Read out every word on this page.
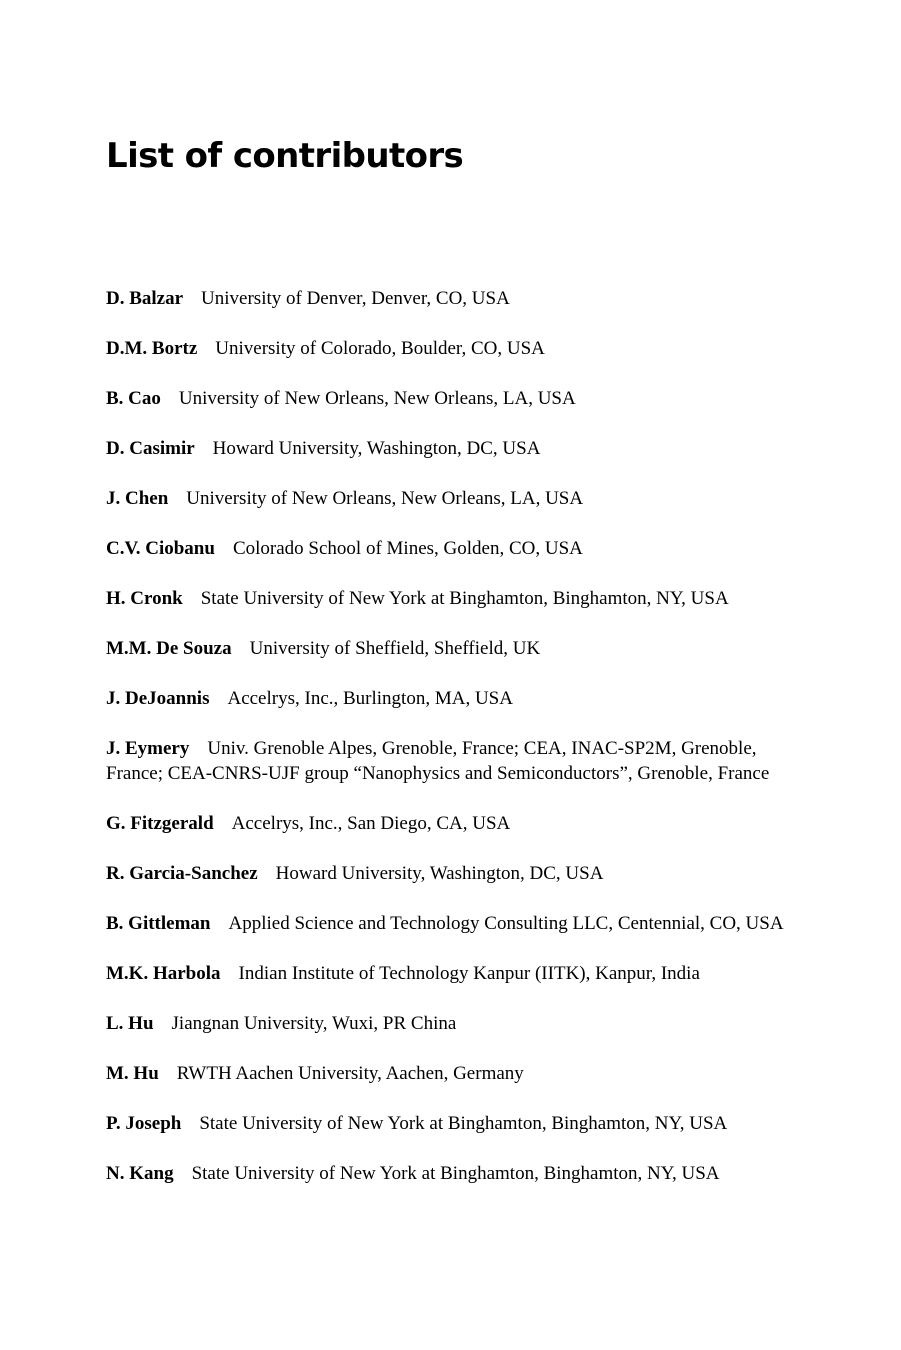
List of contributors
D. Balzar University of Denver, Denver, CO, USA
D.M. Bortz University of Colorado, Boulder, CO, USA
B. Cao University of New Orleans, New Orleans, LA, USA
D. Casimir Howard University, Washington, DC, USA
J. Chen University of New Orleans, New Orleans, LA, USA
C.V. Ciobanu Colorado School of Mines, Golden, CO, USA
H. Cronk State University of New York at Binghamton, Binghamton, NY, USA
M.M. De Souza University of Sheffield, Sheffield, UK
J. DeJoannis Accelrys, Inc., Burlington, MA, USA
J. Eymery Univ. Grenoble Alpes, Grenoble, France; CEA, INAC-SP2M, Grenoble, France; CEA-CNRS-UJF group “Nanophysics and Semiconductors”, Grenoble, France
G. Fitzgerald Accelrys, Inc., San Diego, CA, USA
R. Garcia-Sanchez Howard University, Washington, DC, USA
B. Gittleman Applied Science and Technology Consulting LLC, Centennial, CO, USA
M.K. Harbola Indian Institute of Technology Kanpur (IITK), Kanpur, India
L. Hu Jiangnan University, Wuxi, PR China
M. Hu RWTH Aachen University, Aachen, Germany
P. Joseph State University of New York at Binghamton, Binghamton, NY, USA
N. Kang State University of New York at Binghamton, Binghamton, NY, USA
